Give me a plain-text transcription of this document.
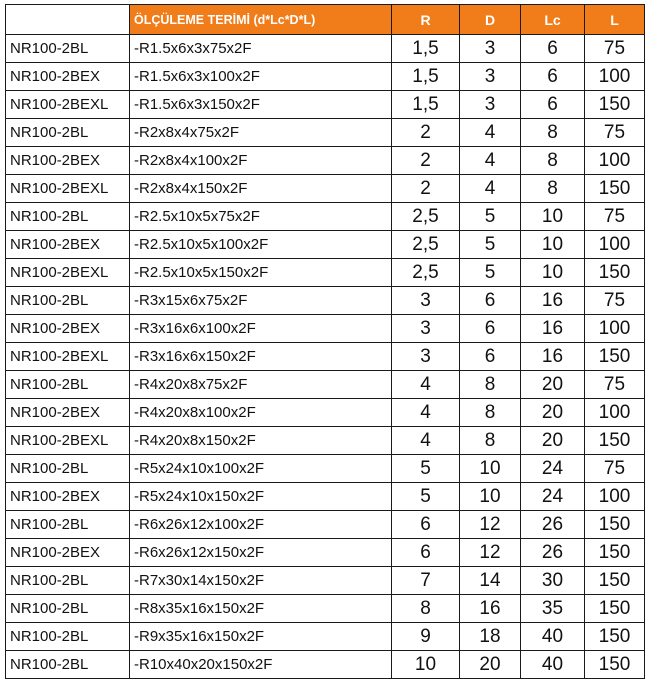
	ÖLÇÜLEME TERİMİ (d*Lc*D*L)	R	D	Lc	L
NR100-2BL	-R1.5x6x3x75x2F	1,5	3	6	75
NR100-2BEX	-R1.5x6x3x100x2F	1,5	3	6	100
NR100-2BEXL	-R1.5x6x3x150x2F	1,5	3	6	150
NR100-2BL	-R2x8x4x75x2F	2	4	8	75
NR100-2BEX	-R2x8x4x100x2F	2	4	8	100
NR100-2BEXL	-R2x8x4x150x2F	2	4	8	150
NR100-2BL	-R2.5x10x5x75x2F	2,5	5	10	75
NR100-2BEX	-R2.5x10x5x100x2F	2,5	5	10	100
NR100-2BEXL	-R2.5x10x5x150x2F	2,5	5	10	150
NR100-2BL	-R3x15x6x75x2F	3	6	16	75
NR100-2BEX	-R3x16x6x100x2F	3	6	16	100
NR100-2BEXL	-R3x16x6x150x2F	3	6	16	150
NR100-2BL	-R4x20x8x75x2F	4	8	20	75
NR100-2BEX	-R4x20x8x100x2F	4	8	20	100
NR100-2BEXL	-R4x20x8x150x2F	4	8	20	150
NR100-2BL	-R5x24x10x100x2F	5	10	24	75
NR100-2BEX	-R5x24x10x150x2F	5	10	24	100
NR100-2BL	-R6x26x12x100x2F	6	12	26	150
NR100-2BEX	-R6x26x12x150x2F	6	12	26	150
NR100-2BL	-R7x30x14x150x2F	7	14	30	150
NR100-2BL	-R8x35x16x150x2F	8	16	35	150
NR100-2BL	-R9x35x16x150x2F	9	18	40	150
NR100-2BL	-R10x40x20x150x2F	10	20	40	150
